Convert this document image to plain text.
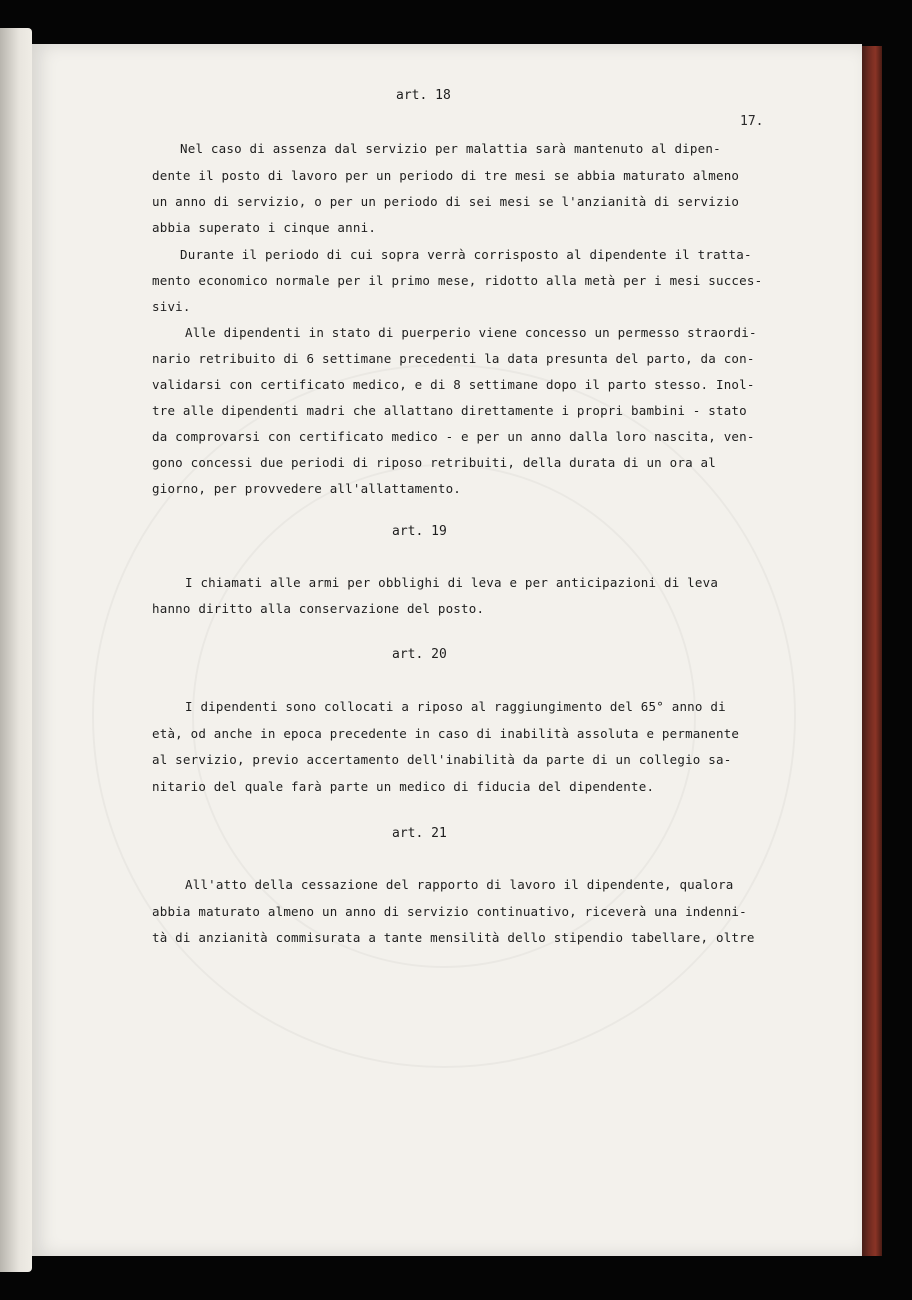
17.
art. 18
Nel caso di assenza dal servizio per malattia sarà mantenuto al dipen-
dente il posto di lavoro per un periodo di tre mesi se abbia maturato almeno
un anno di servizio, o per un periodo di sei mesi se l'anzianità di servizio
abbia superato i cinque anni.
Durante il periodo di cui sopra verrà corrisposto al dipendente il tratta-
mento economico normale per il primo mese, ridotto alla metà per i mesi succes-
sivi.
Alle dipendenti in stato di puerperio viene concesso un permesso straordi-
nario retribuito di 6 settimane precedenti la data presunta del parto, da con-
validarsi con certificato medico, e di 8 settimane dopo il parto stesso. Inol-
tre alle dipendenti madri che allattano direttamente i propri bambini - stato
da comprovarsi con certificato medico - e per un anno dalla loro nascita, ven-
gono concessi due periodi di riposo retribuiti, della durata di un ora al
giorno, per provvedere all'allattamento.
art. 19
I chiamati alle armi per obblighi di leva e per anticipazioni di leva
hanno diritto alla conservazione del posto.
art. 20
I dipendenti sono collocati a riposo al raggiungimento del 65° anno di
età, od anche in epoca precedente in caso di inabilità assoluta e permanente
al servizio, previo accertamento dell'inabilità da parte di un collegio sa-
nitario del quale farà parte un medico di fiducia del dipendente.
art. 21
All'atto della cessazione del rapporto di lavoro il dipendente, qualora
abbia maturato almeno un anno di servizio continuativo, riceverà una indenni-
tà di anzianità commisurata a tante mensilità dello stipendio tabellare, oltre
